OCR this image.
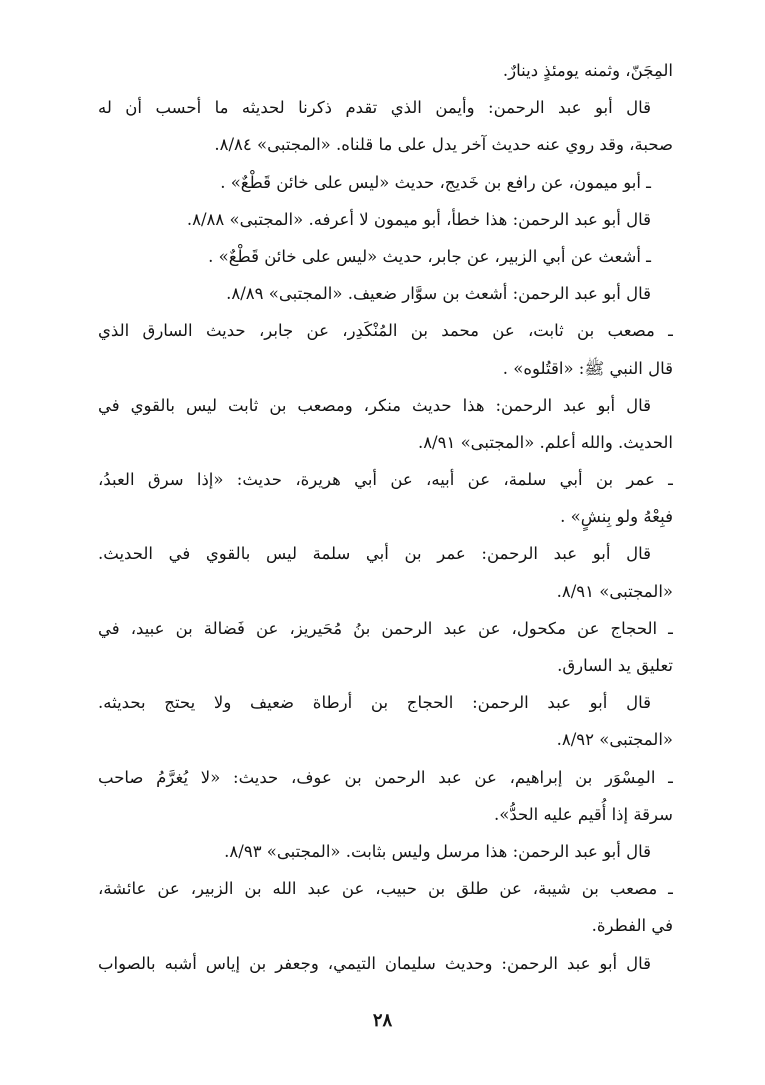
المِجَنّ، وثمنه يومئذٍ دينارٌ.
قال أبو عبد الرحمن: وأيمن الذي تقدم ذكرنا لحديثه ما أحسب أن له
صحبة، وقد روي عنه حديث آخر يدل على ما قلناه. «المجتبى» ٨/٨٤.
ـ أبو ميمون، عن رافع بن خَديج، حديث «ليس على خائن قَطْعٌ» .
قال أبو عبد الرحمن: هذا خطأ، أبو ميمون لا أعرفه. «المجتبى» ٨/٨٨.
ـ أشعث عن أبي الزبير، عن جابر، حديث «ليس على خائن قَطْعٌ» .
قال أبو عبد الرحمن: أشعث بن سوَّار ضعيف. «المجتبى» ٨/٨٩.
ـ مصعب بن ثابت، عن محمد بن المُنْكَدِر، عن جابر، حديث السارق الذي
قال النبي ﷺ: «اقتُلوه» .
قال أبو عبد الرحمن: هذا حديث منكر، ومصعب بن ثابت ليس بالقوي في
الحديث. والله أعلم. «المجتبى» ٨/٩١.
ـ عمر بن أبي سلمة، عن أبيه، عن أبي هريرة، حديث: «إذا سرق العبدُ،
فبِعْهُ ولو بِنشٍ» .
قال أبو عبد الرحمن: عمر بن أبي سلمة ليس بالقوي في الحديث.
«المجتبى» ٨/٩١.
ـ الحجاج عن مكحول، عن عبد الرحمن بنُ مُحَيريز، عن فَضالة بن عبيد، في
تعليق يد السارق.
قال أبو عبد الرحمن: الحجاج بن أرطاة ضعيف ولا يحتج بحديثه.
«المجتبى» ٨/٩٢.
ـ المِسْوَر بن إبراهيم، عن عبد الرحمن بن عوف، حديث: «لا يُغرَّمُ صاحب
سرقة إذا أُقيم عليه الحدُّ».
قال أبو عبد الرحمن: هذا مرسل وليس بثابت. «المجتبى» ٨/٩٣.
ـ مصعب بن شيبة، عن طلق بن حبيب، عن عبد الله بن الزبير، عن عائشة،
في الفطرة.
قال أبو عبد الرحمن: وحديث سليمان التيمي، وجعفر بن إياس أشبه بالصواب
٢٨
